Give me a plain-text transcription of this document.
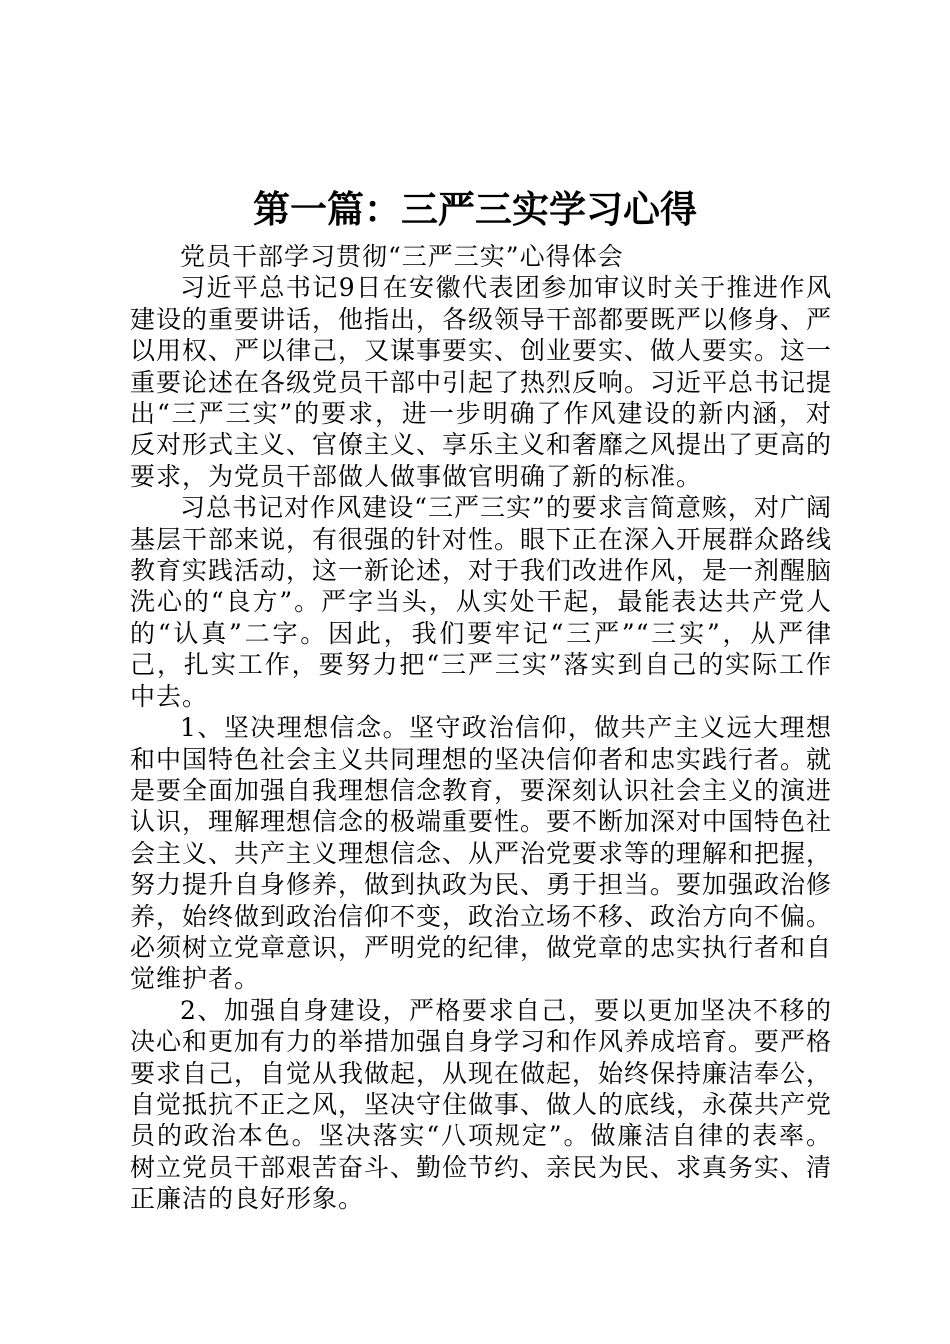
第一篇：三严三实学习心得

党员干部学习贯彻“三严三实”心得体会

习近平总书记9日在安徽代表团参加审议时关于推进作风建设的重要讲话，他指出，各级领导干部都要既严以修身、严以用权、严以律己，又谋事要实、创业要实、做人要实。这一重要论述在各级党员干部中引起了热烈反响。习近平总书记提出“三严三实”的要求，进一步明确了作风建设的新内涵，对反对形式主义、官僚主义、享乐主义和奢靡之风提出了更高的要求，为党员干部做人做事做官明确了新的标准。

习总书记对作风建设“三严三实”的要求言简意赅，对广阔基层干部来说，有很强的针对性。眼下正在深入开展群众路线教育实践活动，这一新论述，对于我们改进作风，是一剂醒脑洗心的“良方”。严字当头，从实处干起，最能表达共产党人的“认真”二字。因此，我们要牢记“三严”“三实”，从严律己，扎实工作，要努力把“三严三实”落实到自己的实际工作中去。

1、坚决理想信念。坚守政治信仰，做共产主义远大理想和中国特色社会主义共同理想的坚决信仰者和忠实践行者。就是要全面加强自我理想信念教育，要深刻认识社会主义的演进认识，理解理想信念的极端重要性。要不断加深对中国特色社会主义、共产主义理想信念、从严治党要求等的理解和把握，努力提升自身修养，做到执政为民、勇于担当。要加强政治修养，始终做到政治信仰不变，政治立场不移、政治方向不偏。必须树立党章意识，严明党的纪律，做党章的忠实执行者和自觉维护者。

2、加强自身建设，严格要求自己，要以更加坚决不移的决心和更加有力的举措加强自身学习和作风养成培育。要严格要求自己，自觉从我做起，从现在做起，始终保持廉洁奉公，自觉抵抗不正之风，坚决守住做事、做人的底线，永葆共产党员的政治本色。坚决落实“八项规定”。做廉洁自律的表率。树立党员干部艰苦奋斗、勤俭节约、亲民为民、求真务实、清正廉洁的良好形象。
